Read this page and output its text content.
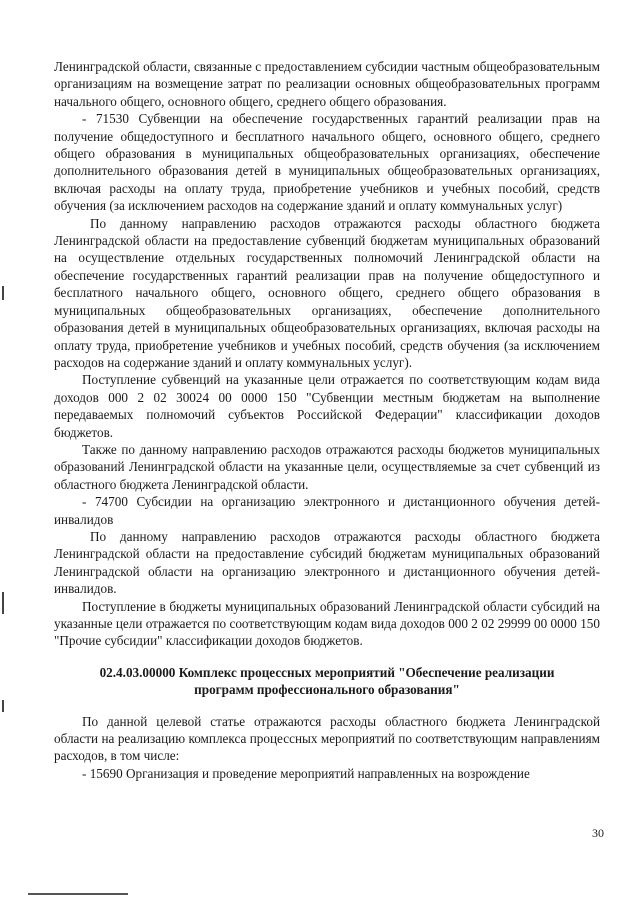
Ленинградской области, связанные с предоставлением субсидии частным общеобразовательным организациям на возмещение затрат по реализации основных общеобразовательных программ начального общего, основного общего, среднего общего образования.

- 71530 Субвенции на обеспечение государственных гарантий реализации прав на получение общедоступного и бесплатного начального общего, основного общего, среднего общего образования в муниципальных общеобразовательных организациях, обеспечение дополнительного образования детей в муниципальных общеобразовательных организациях, включая расходы на оплату труда, приобретение учебников и учебных пособий, средств обучения (за исключением расходов на содержание зданий и оплату коммунальных услуг)

По данному направлению расходов отражаются расходы областного бюджета Ленинградской области на предоставление субвенций бюджетам муниципальных образований на осуществление отдельных государственных полномочий Ленинградской области на обеспечение государственных гарантий реализации прав на получение общедоступного и бесплатного начального общего, основного общего, среднего общего образования в муниципальных общеобразовательных организациях, обеспечение дополнительного образования детей в муниципальных общеобразовательных организациях, включая расходы на оплату труда, приобретение учебников и учебных пособий, средств обучения (за исключением расходов на содержание зданий и оплату коммунальных услуг).

Поступление субвенций на указанные цели отражается по соответствующим кодам вида доходов 000 2 02 30024 00 0000 150 "Субвенции местным бюджетам на выполнение передаваемых полномочий субъектов Российской Федерации" классификации доходов бюджетов.

Также по данному направлению расходов отражаются расходы бюджетов муниципальных образований Ленинградской области на указанные цели, осуществляемые за счет субвенций из областного бюджета Ленинградской области.

- 74700 Субсидии на организацию электронного и дистанционного обучения детей-инвалидов

По данному направлению расходов отражаются расходы областного бюджета Ленинградской области на предоставление субсидий бюджетам муниципальных образований Ленинградской области на организацию электронного и дистанционного обучения детей-инвалидов.

Поступление в бюджеты муниципальных образований Ленинградской области субсидий на указанные цели отражается по соответствующим кодам вида доходов 000 2 02 29999 00 0000 150 "Прочие субсидии" классификации доходов бюджетов.

02.4.03.00000 Комплекс процессных мероприятий "Обеспечение реализации программ профессионального образования"

По данной целевой статье отражаются расходы областного бюджета Ленинградской области на реализацию комплекса процессных мероприятий по соответствующим направлениям расходов, в том числе:

- 15690 Организация и проведение мероприятий направленных на возрождение

30
